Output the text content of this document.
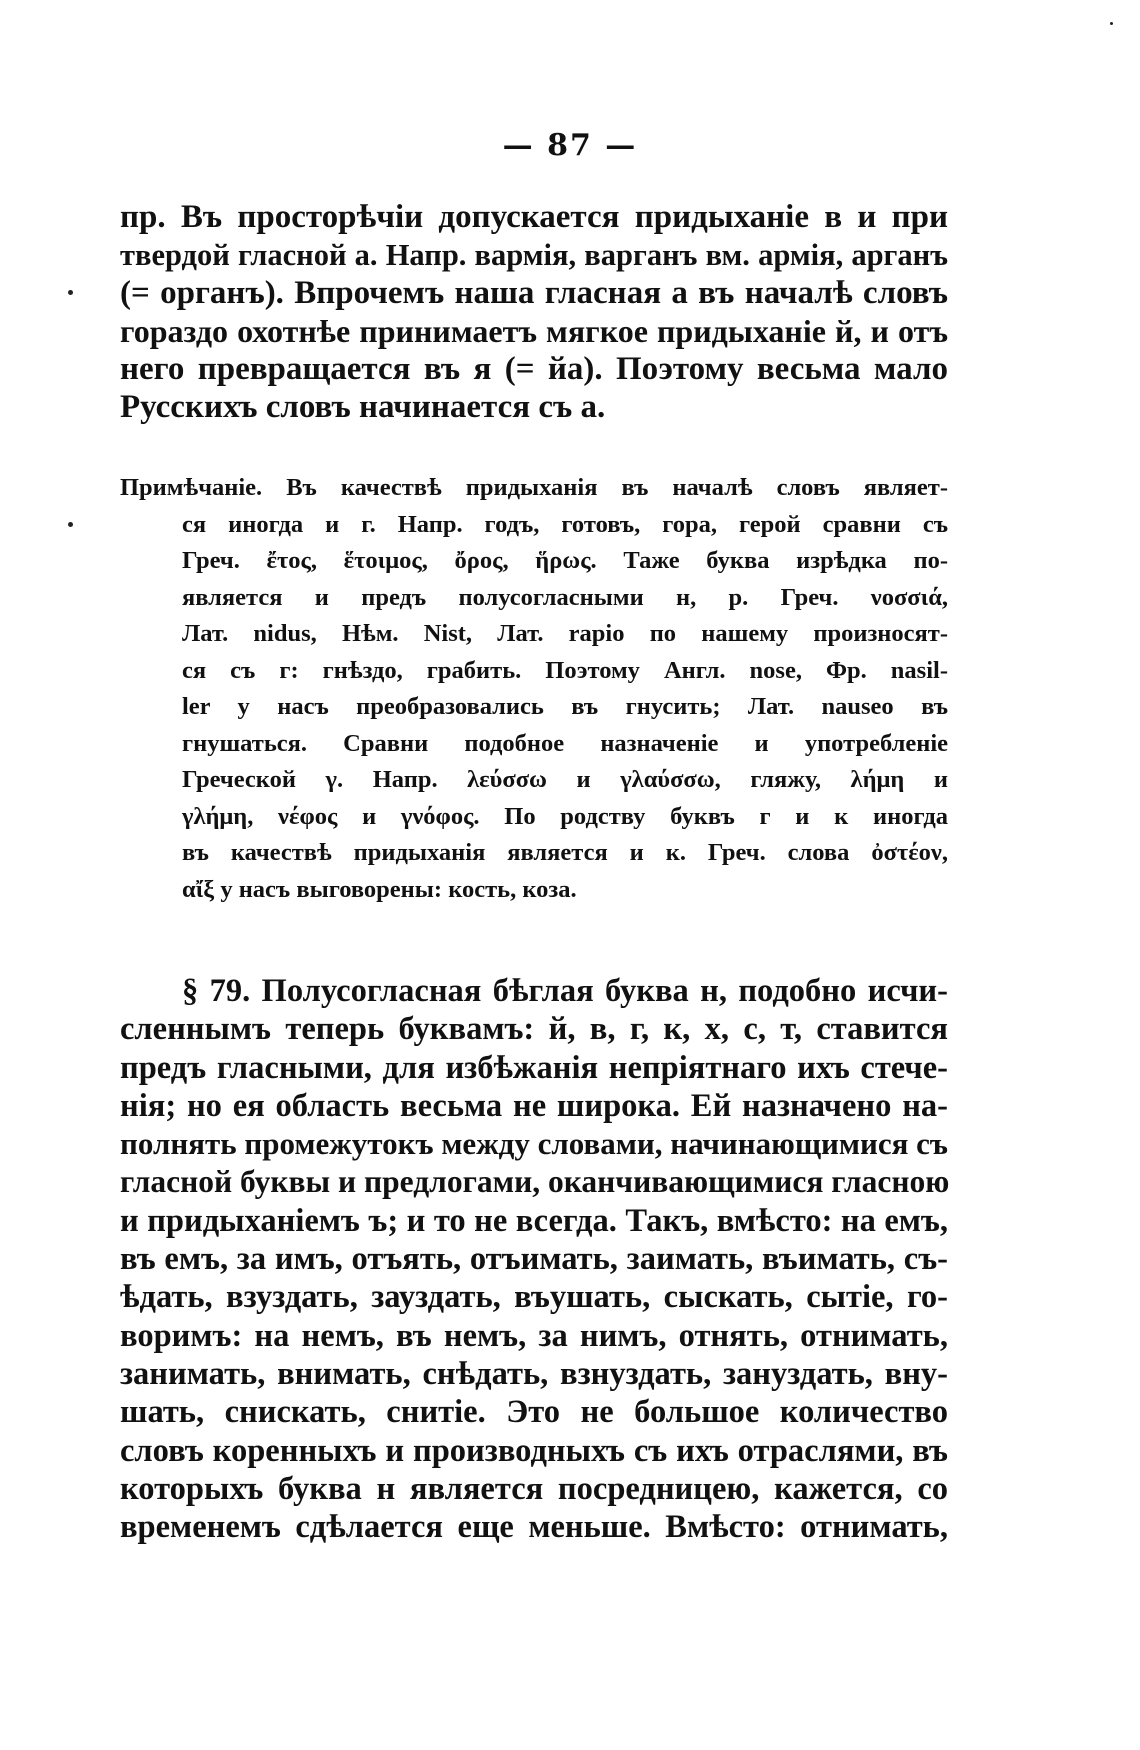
— 87 —
пр. Въ просторѣчіи допускается придыханіе в и при
твердой гласной а. Напр. вармія, варганъ вм. армія, арганъ
(= органъ). Впрочемъ наша гласная а въ началѣ словъ
гораздо охотнѣе принимаетъ мягкое придыханіе й, и отъ
него превращается въ я (= йа). Поэтому весьма мало
Русскихъ словъ начинается съ а.
Примѣчаніе. Въ качествѣ придыханія въ началѣ словъ являет-
ся иногда и г. Напр. годъ, готовъ, гора, герой сравни съ
Греч. ἔτος, ἕτοιμος, ὄρος, ἥρως. Таже буква изрѣдка по-
является и предъ полусогласными н, р. Греч. νοσσιά,
Лат. nidus, Нѣм. Nist, Лат. rapio по нашему произносят-
ся съ г: гнѣздо, грабить. Поэтому Англ. nose, Фр. nasil-
ler у насъ преобразовались въ гнусить; Лат. nauseo въ
гнушаться. Сравни подобное назначеніе и употребленіе
Греческой γ. Напр. λεύσσω и γλαύσσω, гляжу, λήμη и
γλήμη, νέφος и γνόφος. По родству буквъ г и к иногда
въ качествѣ придыханія является и к. Греч. слова ὀστέον,
αἴξ у насъ выговорены: кость, коза.
§ 79. Полусогласная бѣглая буква н, подобно исчи-
сленнымъ теперь буквамъ: й, в, г, к, х, с, т, ставится
предъ гласными, для избѣжанія непріятнаго ихъ стече-
нія; но ея область весьма не широка. Ей назначено на-
полнять промежутокъ между словами, начинающимися съ
гласной буквы и предлогами, оканчивающимися гласною
и придыханіемъ ъ; и то не всегда. Такъ, вмѣсто: на емъ,
въ емъ, за имъ, отъять, отъимать, заимать, въимать, съ-
ѣдать, взуздать, зауздать, въушать, сыскать, сытіе, го-
воримъ: на немъ, въ немъ, за нимъ, отнять, отнимать,
занимать, внимать, снѣдать, взнуздать, зануздать, вну-
шать, снискать, снитіе. Это не большое количество
словъ коренныхъ и производныхъ съ ихъ отраслями, въ
которыхъ буква н является посредницею, кажется, со
временемъ сдѣлается еще меньше. Вмѣсто: отнимать,
